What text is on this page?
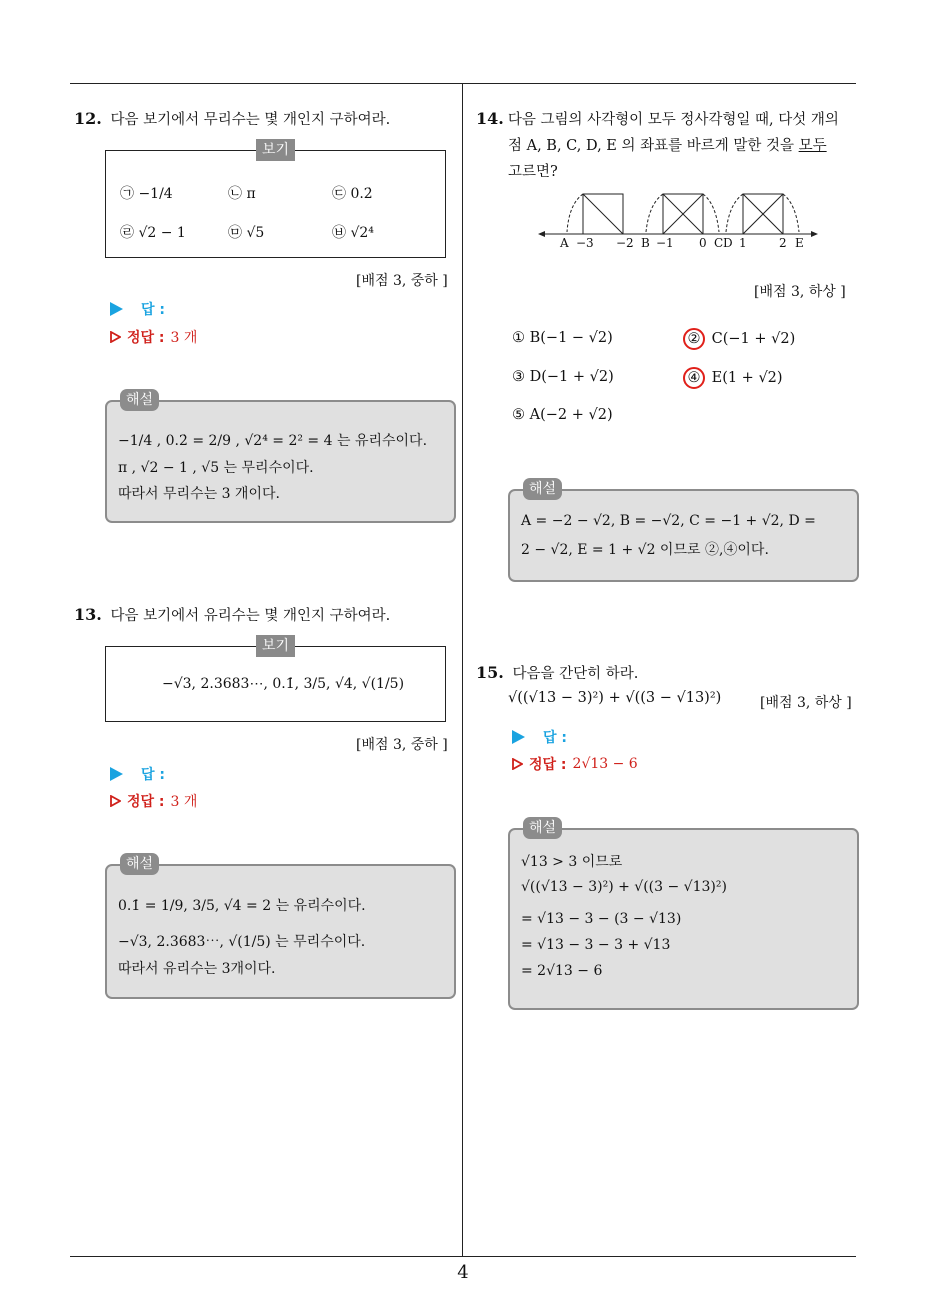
12. 다음 보기에서 무리수는 몇 개인지 구하여라.
보기
㉠ −1/4	㉡ π	㉢ 0.2̇
㉣ √2 − 1	㉤ √5	㉥ √2⁴
[배점 3, 중하 ]
답 :
정답 : 3 개
해설
−1/4 , 0.2̇ = 2/9 , √2⁴ = 2² = 4 는 유리수이다.
π , √2 − 1 , √5 는 무리수이다.
따라서 무리수는 3 개이다.
13. 다음 보기에서 유리수는 몇 개인지 구하여라.
보기
−√3, 2.3683⋯, 0.1̇, 3/5, √4, √(1/5)
[배점 3, 중하 ]
답 :
정답 : 3 개
해설
0.1̇ = 1/9, 3/5, √4 = 2 는 유리수이다.
−√3, 2.3683⋯, √(1/5) 는 무리수이다.
따라서 유리수는 3개이다.
14. 다음 그림의 사각형이 모두 정사각형일 때, 다섯 개의
점 A, B, C, D, E 의 좌표를 바르게 말한 것을 모두
고르면?
A −3 −2 B −1 0 C D 1	2 E
[배점 3, 하상 ]
① B(−1 − √2)	② C(−1 + √2)
③ D(−1 + √2)	④ E(1 + √2)
⑤ A(−2 + √2)
해설
A = −2 − √2, B = −√2, C = −1 + √2, D =
2 − √2, E = 1 + √2 이므로 ②,④이다.
15. 다음을 간단히 하라.
√((√13 − 3)²) + √((3 − √13)²)	[배점 3, 하상 ]
답 :
정답 : 2√13 − 6
해설
√13 > 3 이므로
√((√13 − 3)²) + √((3 − √13)²)
= √13 − 3 − (3 − √13)
= √13 − 3 − 3 + √13
= 2√13 − 6
4
